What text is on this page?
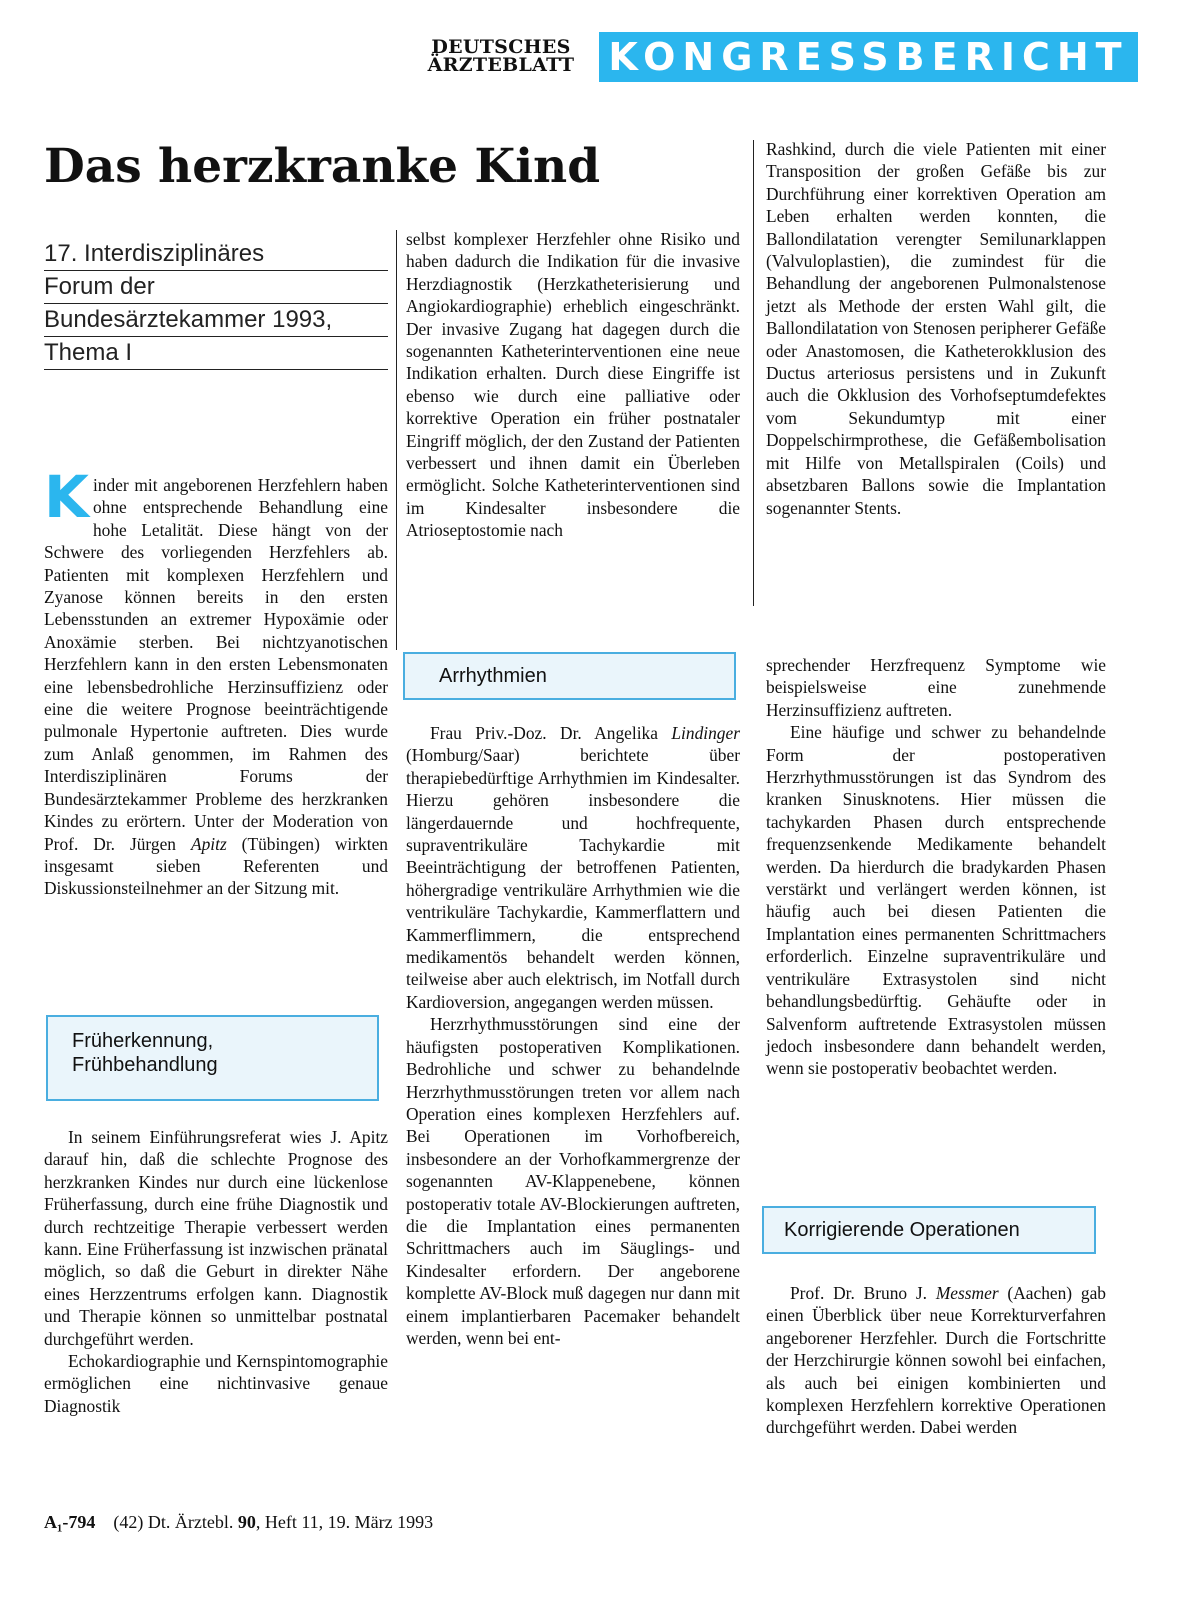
DEUTSCHES
ÄRZTEBLATT KONGRESSBERICHT
Das herzkranke Kind
17. Interdisziplinäres
Forum der
Bundesärztekammer 1993,
Thema I

Kinder mit angeborenen Herzfehlern haben ohne entsprechende Behandlung eine hohe Letalität. Diese hängt von der Schwere des vorliegenden Herzfehlers ab. Patienten mit komplexen Herzfehlern und Zyanose können bereits in den ersten Lebensstunden an extremer Hypoxämie oder Anoxämie sterben. Bei nichtzyanotischen Herzfehlern kann in den ersten Lebensmonaten eine lebensbedrohliche Herzinsuffizienz oder eine die weitere Prognose beeinträchtigende pulmonale Hypertonie auftreten. Dies wurde zum Anlaß genommen, im Rahmen des Interdisziplinären Forums der Bundesärztekammer Probleme des herzkranken Kindes zu erörtern. Unter der Moderation von Prof. Dr. Jürgen Apitz (Tübingen) wirkten insgesamt sieben Referenten und Diskussionsteilnehmer an der Sitzung mit.

Früherkennung,
Frühbehandlung

In seinem Einführungsreferat wies J. Apitz darauf hin, daß die schlechte Prognose des herzkranken Kindes nur durch eine lückenlose Früherfassung, durch eine frühe Diagnostik und durch rechtzeitige Therapie verbessert werden kann. Eine Früherfassung ist inzwischen pränatal möglich, so daß die Geburt in direkter Nähe eines Herzzentrums erfolgen kann. Diagnostik und Therapie können so unmittelbar postnatal durchgeführt werden.

Echokardiographie und Kernspintomographie ermöglichen eine nichtinvasive genaue Diagnostik

selbst komplexer Herzfehler ohne Risiko und haben dadurch die Indikation für die invasive Herzdiagnostik (Herzkatheterisierung und Angiokardiographie) erheblich eingeschränkt. Der invasive Zugang hat dagegen durch die sogenannten Katheterinterventionen eine neue Indikation erhalten. Durch diese Eingriffe ist ebenso wie durch eine palliative oder korrektive Operation ein früher postnataler Eingriff möglich, der den Zustand der Patienten verbessert und ihnen damit ein Überleben ermöglicht. Solche Katheterinterventionen sind im Kindesalter insbesondere die Atrioseptostomie nach

Arrhythmien

Frau Priv.-Doz. Dr. Angelika Lindinger (Homburg/Saar) berichtete über therapiebedürftige Arrhythmien im Kindesalter. Hierzu gehören insbesondere die längerdauernde und hochfrequente, supraventrikuläre Tachykardie mit Beeinträchtigung der betroffenen Patienten, höhergradige ventrikuläre Arrhythmien wie die ventrikuläre Tachykardie, Kammerflattern und Kammerflimmern, die entsprechend medikamentös behandelt werden können, teilweise aber auch elektrisch, im Notfall durch Kardioversion, angegangen werden müssen.

Herzrhythmusstörungen sind eine der häufigsten postoperativen Komplikationen. Bedrohliche und schwer zu behandelnde Herzrhythmusstörungen treten vor allem nach Operation eines komplexen Herzfehlers auf. Bei Operationen im Vorhofbereich, insbesondere an der Vorhofkammergrenze der sogenannten AV-Klappenebene, können postoperativ totale AV-Blockierungen auftreten, die die Implantation eines permanenten Schrittmachers auch im Säuglings- und Kindesalter erfordern. Der angeborene komplette AV-Block muß dagegen nur dann mit einem implantierbaren Pacemaker behandelt werden, wenn bei ent-

Rashkind, durch die viele Patienten mit einer Transposition der großen Gefäße bis zur Durchführung einer korrektiven Operation am Leben erhalten werden konnten, die Ballondilatation verengter Semilunarklappen (Valvuloplastien), die zumindest für die Behandlung der angeborenen Pulmonalstenose jetzt als Methode der ersten Wahl gilt, die Ballondilatation von Stenosen peripherer Gefäße oder Anastomosen, die Katheterokklusion des Ductus arteriosus persistens und in Zukunft auch die Okklusion des Vorhofseptumdefektes vom Sekundumtyp mit einer Doppelschirmprothese, die Gefäßembolisation mit Hilfe von Metallspiralen (Coils) und absetzbaren Ballons sowie die Implantation sogenannter Stents.

sprechender Herzfrequenz Symptome wie beispielsweise eine zunehmende Herzinsuffizienz auftreten.

Eine häufige und schwer zu behandelnde Form der postoperativen Herzrhythmusstörungen ist das Syndrom des kranken Sinusknotens. Hier müssen die tachykarden Phasen durch entsprechende frequenzsenkende Medikamente behandelt werden. Da hierdurch die bradykarden Phasen verstärkt und verlängert werden können, ist häufig auch bei diesen Patienten die Implantation eines permanenten Schrittmachers erforderlich. Einzelne supraventrikuläre und ventrikuläre Extrasystolen sind nicht behandlungsbedürftig. Gehäufte oder in Salvenform auftretende Extrasystolen müssen jedoch insbesondere dann behandelt werden, wenn sie postoperativ beobachtet werden.

Korrigierende Operationen

Prof. Dr. Bruno J. Messmer (Aachen) gab einen Überblick über neue Korrekturverfahren angeborener Herzfehler. Durch die Fortschritte der Herzchirurgie können sowohl bei einfachen, als auch bei einigen kombinierten und komplexen Herzfehlern korrektive Operationen durchgeführt werden. Dabei werden

A₁-794 (42) Dt. Ärztebl. 90, Heft 11, 19. März 1993
